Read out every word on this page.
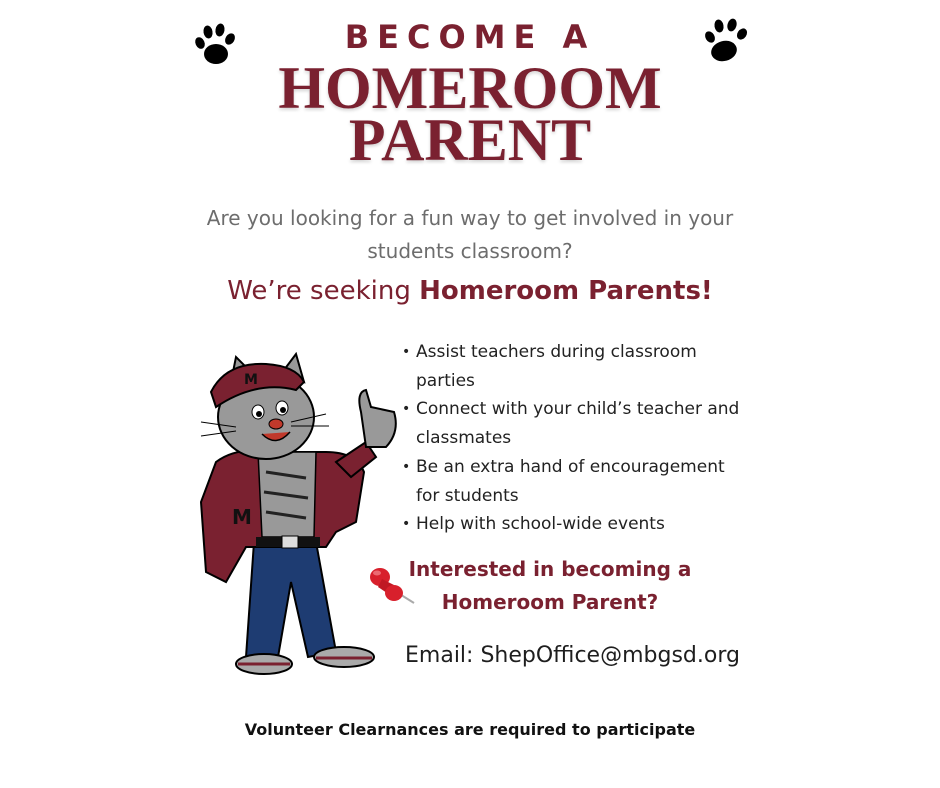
BECOME A
HOMEROOM
PARENT
Are you looking for a fun way to get involved in your
students classroom?
We’re seeking Homeroom Parents!
M
M
• Assist teachers during classroom parties
• Connect with your child’s teacher and classmates
• Be an extra hand of encouragement for students
• Help with school-wide events
Interested in becoming a
Homeroom Parent?
Email: ShepOffice@mbgsd.org
Volunteer Clearnances are required to participate
